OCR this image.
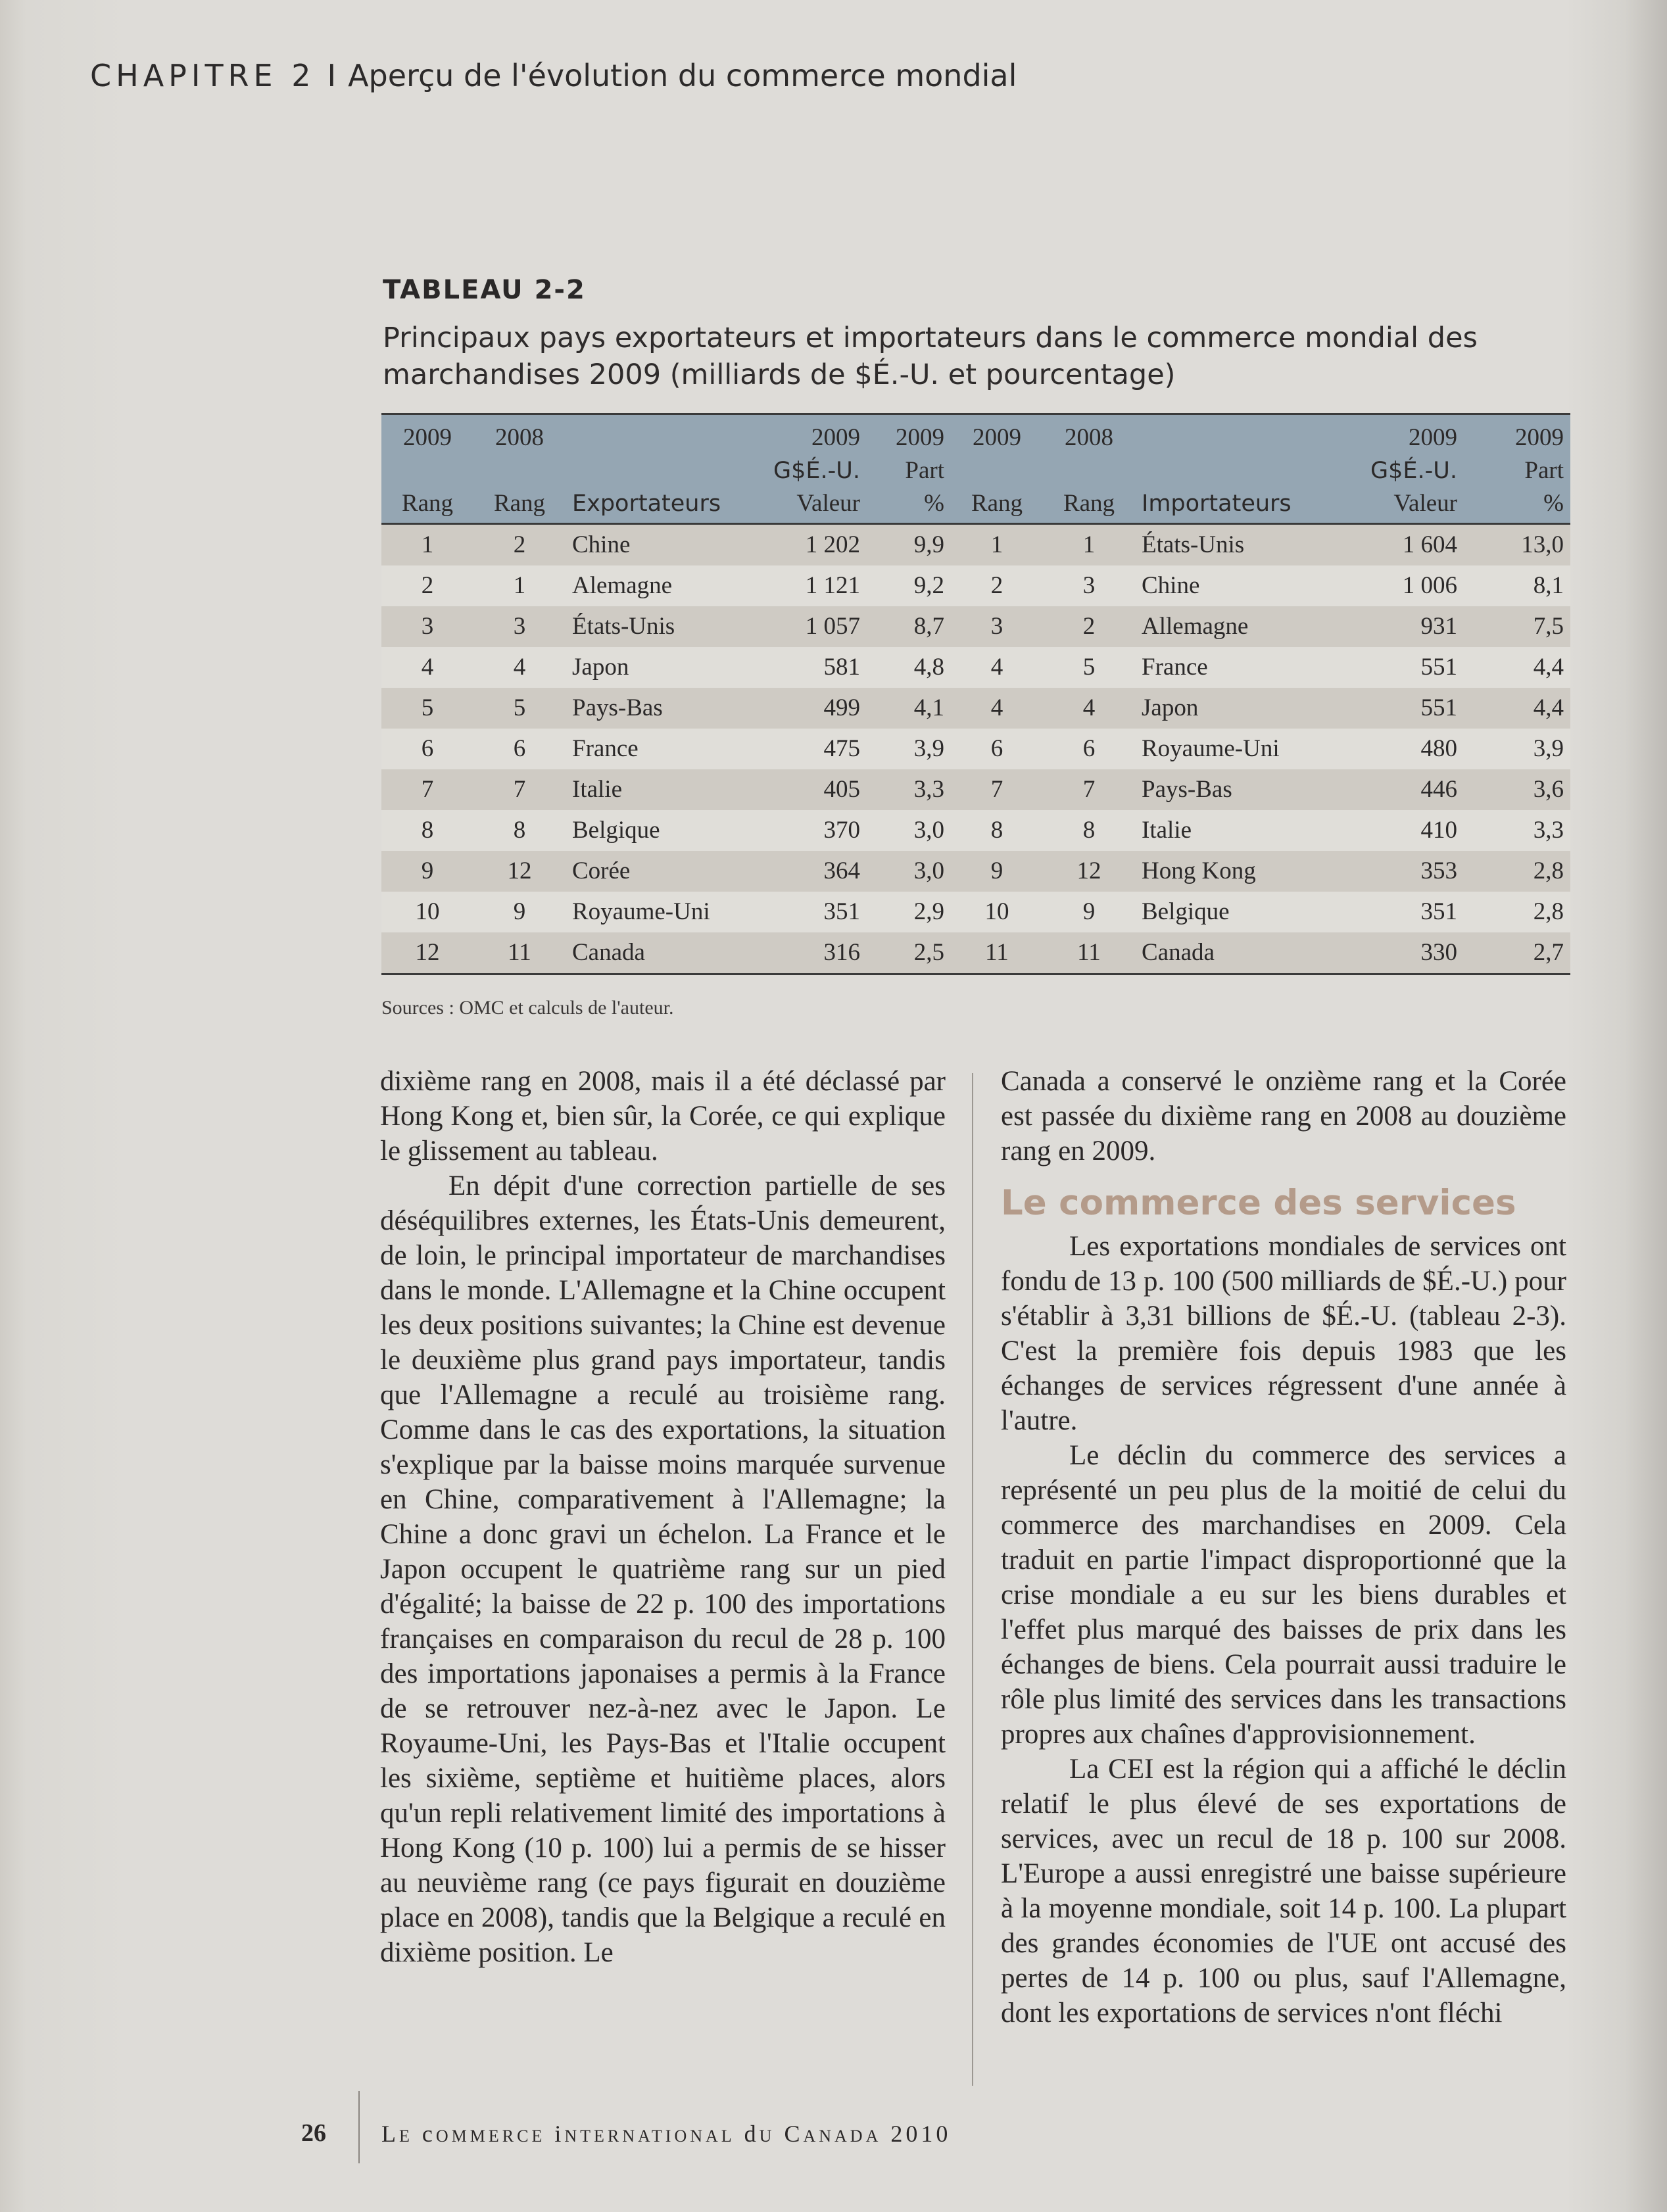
CHAPITRE 2 I Aperçu de l'évolution du commerce mondial
TABLEAU 2-2
Principaux pays exportateurs et importateurs dans le commerce mondial des marchandises 2009 (milliards de $É.-U. et pourcentage)
2009	2008		2009	2009	2009	2008		2009	2009
			G$É.-U.	Part				G$É.-U.	Part
Rang	Rang	Exportateurs	Valeur	%	Rang	Rang	Importateurs	Valeur	%
1	2	Chine	1 202	9,9	1	1	États-Unis	1 604	13,0
2	1	Alemagne	1 121	9,2	2	3	Chine	1 006	8,1
3	3	États-Unis	1 057	8,7	3	2	Allemagne	931	7,5
4	4	Japon	581	4,8	4	5	France	551	4,4
5	5	Pays-Bas	499	4,1	4	4	Japon	551	4,4
6	6	France	475	3,9	6	6	Royaume-Uni	480	3,9
7	7	Italie	405	3,3	7	7	Pays-Bas	446	3,6
8	8	Belgique	370	3,0	8	8	Italie	410	3,3
9	12	Corée	364	3,0	9	12	Hong Kong	353	2,8
10	9	Royaume-Uni	351	2,9	10	9	Belgique	351	2,8
12	11	Canada	316	2,5	11	11	Canada	330	2,7
Sources : OMC et calculs de l'auteur.

dixième rang en 2008, mais il a été déclassé par Hong Kong et, bien sûr, la Corée, ce qui explique le glissement au tableau.

En dépit d'une correction partielle de ses déséquilibres externes, les États-Unis demeurent, de loin, le principal importateur de marchandises dans le monde. L'Allemagne et la Chine occupent les deux positions suivantes; la Chine est devenue le deuxième plus grand pays importateur, tandis que l'Allemagne a reculé au troisième rang. Comme dans le cas des exportations, la situation s'explique par la baisse moins marquée survenue en Chine, comparativement à l'Allemagne; la Chine a donc gravi un échelon. La France et le Japon occupent le quatrième rang sur un pied d'égalité; la baisse de 22 p. 100 des importations françaises en comparaison du recul de 28 p. 100 des importations japonaises a permis à la France de se retrouver nez-à-nez avec le Japon. Le Royaume-Uni, les Pays-Bas et l'Italie occupent les sixième, septième et huitième places, alors qu'un repli relativement limité des importations à Hong Kong (10 p. 100) lui a permis de se hisser au neuvième rang (ce pays figurait en douzième place en 2008), tandis que la Belgique a reculé en dixième position. Le

Canada a conservé le onzième rang et la Corée est passée du dixième rang en 2008 au douzième rang en 2009.

Le commerce des services

Les exportations mondiales de services ont fondu de 13 p. 100 (500 milliards de $É.-U.) pour s'établir à 3,31 billions de $É.-U. (tableau 2-3). C'est la première fois depuis 1983 que les échanges de services régressent d'une année à l'autre.

Le déclin du commerce des services a représenté un peu plus de la moitié de celui du commerce des marchandises en 2009. Cela traduit en partie l'impact disproportionné que la crise mondiale a eu sur les biens durables et l'effet plus marqué des baisses de prix dans les échanges de biens. Cela pourrait aussi traduire le rôle plus limité des services dans les transactions propres aux chaînes d'approvisionnement.

La CEI est la région qui a affiché le déclin relatif le plus élevé de ses exportations de services, avec un recul de 18 p. 100 sur 2008. L'Europe a aussi enregistré une baisse supérieure à la moyenne mondiale, soit 14 p. 100. La plupart des grandes économies de l'UE ont accusé des pertes de 14 p. 100 ou plus, sauf l'Allemagne, dont les exportations de services n'ont fléchi

26 LE cOMMERCE iNTERNATIONAL dU CANADA 2010
